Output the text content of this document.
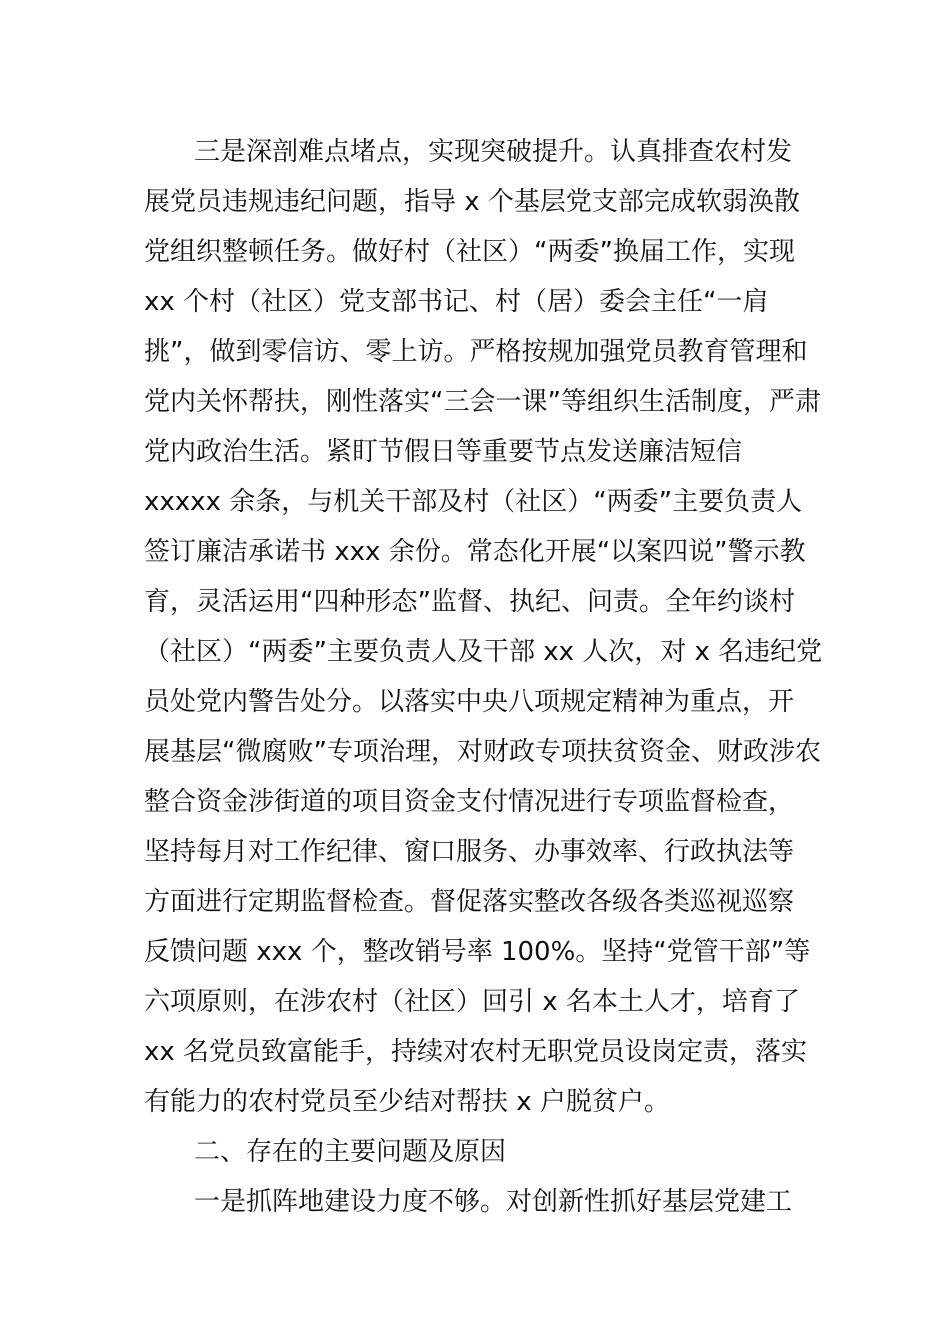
三是深剖难点堵点，实现突破提升。认真排查农村发
展党员违规违纪问题，指导 x 个基层党支部完成软弱涣散
党组织整顿任务。做好村（社区）“两委”换届工作，实现
xx 个村（社区）党支部书记、村（居）委会主任“一肩
挑”，做到零信访、零上访。严格按规加强党员教育管理和
党内关怀帮扶，刚性落实“三会一课”等组织生活制度，严肃
党内政治生活。紧盯节假日等重要节点发送廉洁短信
xxxxx 余条，与机关干部及村（社区）“两委”主要负责人
签订廉洁承诺书 xxx 余份。常态化开展“以案四说”警示教
育，灵活运用“四种形态”监督、执纪、问责。全年约谈村
（社区）“两委”主要负责人及干部 xx 人次，对 x 名违纪党
员处党内警告处分。以落实中央八项规定精神为重点，开
展基层“微腐败”专项治理，对财政专项扶贫资金、财政涉农
整合资金涉街道的项目资金支付情况进行专项监督检查，
坚持每月对工作纪律、窗口服务、办事效率、行政执法等
方面进行定期监督检查。督促落实整改各级各类巡视巡察
反馈问题 xxx 个，整改销号率 100%。坚持“党管干部”等
六项原则，在涉农村（社区）回引 x 名本土人才，培育了
xx 名党员致富能手，持续对农村无职党员设岗定责，落实
有能力的农村党员至少结对帮扶 x 户脱贫户。
二、存在的主要问题及原因
一是抓阵地建设力度不够。对创新性抓好基层党建工
